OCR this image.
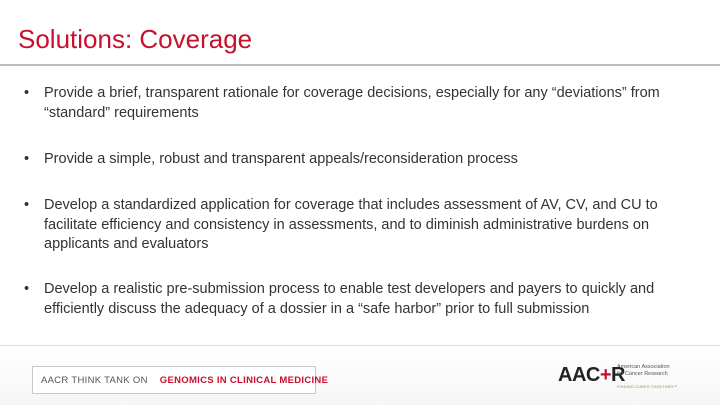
Solutions: Coverage
• Provide a brief, transparent rationale for coverage decisions, especially for any “deviations” from “standard” requirements
• Provide a simple, robust and transparent appeals/reconsideration process
• Develop a standardized application for coverage that includes assessment of AV, CV, and CU to facilitate efficiency and consistency in assessments, and to diminish administrative burdens on applicants and evaluators
• Develop a realistic pre-submission process to enable test developers and payers to quickly and efficiently discuss the adequacy of a dossier in a “safe harbor” prior to full submission
AACR THINK TANK ON	GENOMICS IN CLINICAL MEDICINE	AAC+R
American Association
for Cancer Research
FINDING CURES TOGETHER™
